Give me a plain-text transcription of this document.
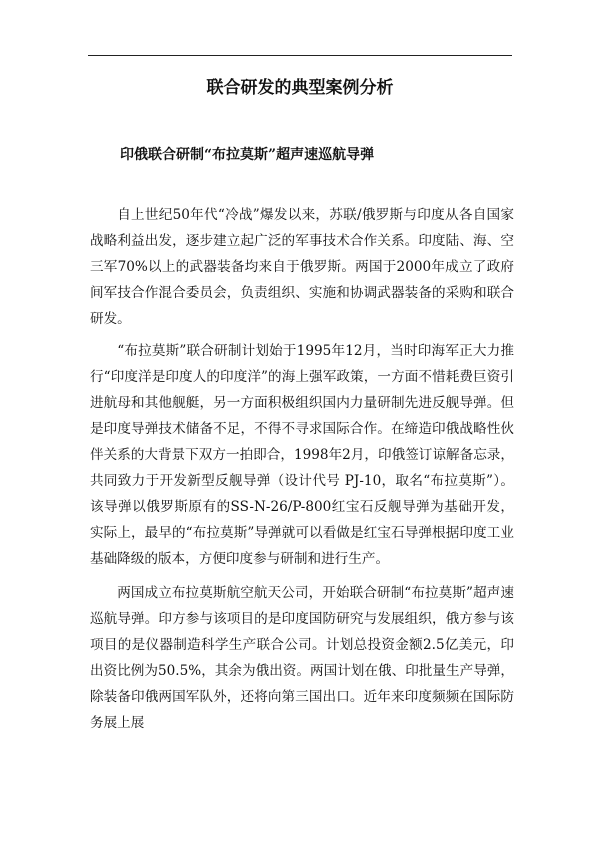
联合研发的典型案例分析
印俄联合研制“布拉莫斯”超声速巡航导弹

自上世纪50年代“冷战”爆发以来，苏联/俄罗斯与印度从各自国家战略利益出发，逐步建立起广泛的军事技术合作关系。印度陆、海、空三军70%以上的武器装备均来自于俄罗斯。两国于2000年成立了政府间军技合作混合委员会，负责组织、实施和协调武器装备的采购和联合研发。

“布拉莫斯”联合研制计划始于1995年12月，当时印海军正大力推行“印度洋是印度人的印度洋”的海上强军政策，一方面不惜耗费巨资引进航母和其他舰艇，另一方面积极组织国内力量研制先进反舰导弹。但是印度导弹技术储备不足，不得不寻求国际合作。在缔造印俄战略性伙伴关系的大背景下双方一拍即合，1998年2月，印俄签订谅解备忘录，共同致力于开发新型反舰导弹（设计代号 PJ-10，取名“布拉莫斯”）。该导弹以俄罗斯原有的SS-N-26/P-800红宝石反舰导弹为基础开发，实际上，最早的“布拉莫斯”导弹就可以看做是红宝石导弹根据印度工业基础降级的版本，方便印度参与研制和进行生产。

两国成立布拉莫斯航空航天公司，开始联合研制“布拉莫斯”超声速巡航导弹。印方参与该项目的是印度国防研究与发展组织，俄方参与该项目的是仪器制造科学生产联合公司。计划总投资金额2.5亿美元，印出资比例为50.5%，其余为俄出资。两国计划在俄、印批量生产导弹，除装备印俄两国军队外，还将向第三国出口。近年来印度频频在国际防务展上展
